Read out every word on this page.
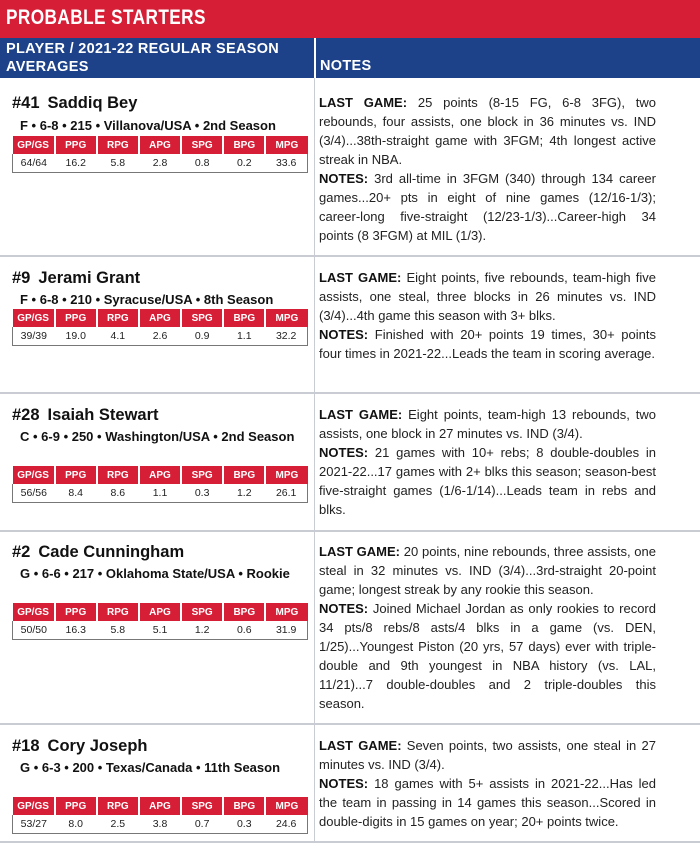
PROBABLE STARTERS
PLAYER / 2021-22 REGULAR SEASON AVERAGES	NOTES
#41 Saddiq Bey
F • 6-8 • 215 • Villanova/USA • 2nd Season
GP/GS	PPG	RPG	APG	SPG	BPG	MPG
64/64	16.2	5.8	2.8	0.8	0.2	33.6

LAST GAME: 25 points (8-15 FG, 6-8 3FG), two rebounds, four assists, one block in 36 minutes vs. IND (3/4)...38th-straight game with 3FGM; 4th longest active streak in NBA.

NOTES: 3rd all-time in 3FGM (340) through 134 career games...20+ pts in eight of nine games (12/16-1/3); career-long five-straight (12/23-1/3)...Career-high 34 points (8 3FGM) at MIL (1/3).

#9 Jerami Grant
F • 6-8 • 210 • Syracuse/USA • 8th Season
GP/GS	PPG	RPG	APG	SPG	BPG	MPG
39/39	19.0	4.1	2.6	0.9	1.1	32.2

LAST GAME: Eight points, five rebounds, team-high five assists, one steal, three blocks in 26 minutes vs. IND (3/4)...4th game this season with 3+ blks.

NOTES: Finished with 20+ points 19 times, 30+ points four times in 2021-22...Leads the team in scoring average.

#28 Isaiah Stewart
C • 6-9 • 250 • Washington/USA • 2nd Season
GP/GS	PPG	RPG	APG	SPG	BPG	MPG
56/56	8.4	8.6	1.1	0.3	1.2	26.1

LAST GAME: Eight points, team-high 13 rebounds, two assists, one block in 27 minutes vs. IND (3/4).

NOTES: 21 games with 10+ rebs; 8 double-doubles in 2021-22...17 games with 2+ blks this season; season-best five-straight games (1/6-1/14)...Leads team in rebs and blks.

#2 Cade Cunningham
G • 6-6 • 217 • Oklahoma State/USA • Rookie
GP/GS	PPG	RPG	APG	SPG	BPG	MPG
50/50	16.3	5.8	5.1	1.2	0.6	31.9

LAST GAME: 20 points, nine rebounds, three assists, one steal in 32 minutes vs. IND (3/4)...3rd-straight 20-point game; longest streak by any rookie this season.

NOTES: Joined Michael Jordan as only rookies to record 34 pts/8 rebs/8 asts/4 blks in a game (vs. DEN, 1/25)...Youngest Piston (20 yrs, 57 days) ever with triple-double and 9th youngest in NBA history (vs. LAL, 11/21)...7 double-doubles and 2 triple-doubles this season.

#18 Cory Joseph
G • 6-3 • 200 • Texas/Canada • 11th Season
GP/GS	PPG	RPG	APG	SPG	BPG	MPG
53/27	8.0	2.5	3.8	0.7	0.3	24.6

LAST GAME: Seven points, two assists, one steal in 27 minutes vs. IND (3/4).

NOTES: 18 games with 5+ assists in 2021-22...Has led the team in passing in 14 games this season...Scored in double-digits in 15 games on year; 20+ points twice.
